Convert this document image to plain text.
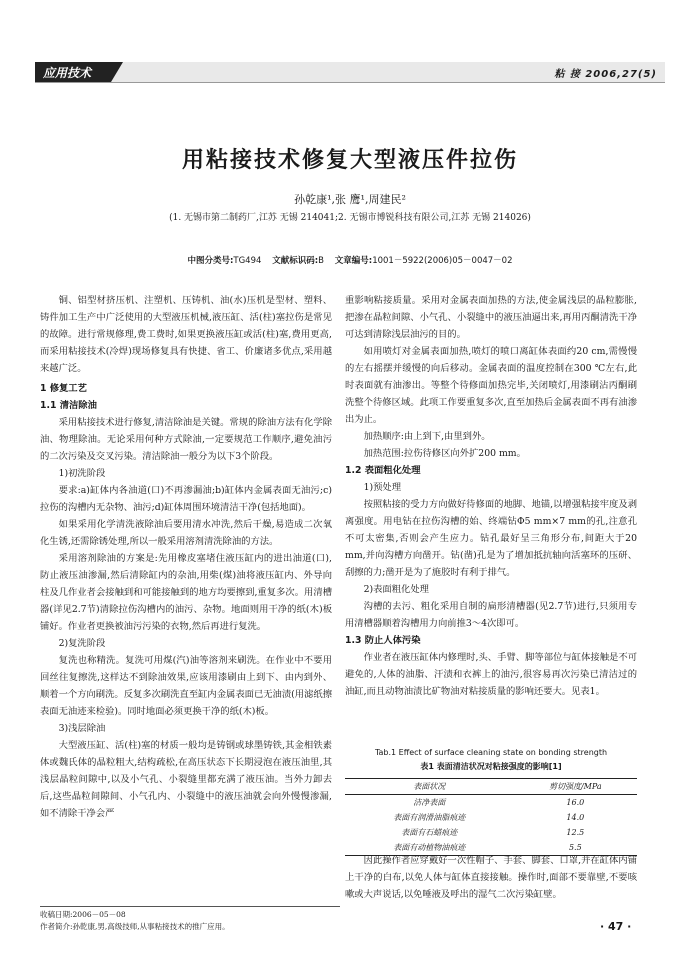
应用技术	粘 接 2006,27(5)
用粘接技术修复大型液压件拉伤
孙乾康¹,张 鹰¹,周建民²
(1. 无锡市第二制药厂,江苏 无锡 214041;2. 无锡市博锐科技有限公司,江苏 无锡 214026)
中图分类号:TG494 文献标识码:B 文章编号:1001－5922(2006)05－0047－02

铜、铝型材挤压机、注塑机、压铸机、油(水)压机是型材、塑料、铸件加工生产中广泛使用的大型液压机械,液压缸、活(柱)塞拉伤是常见的故障。进行常规修理,费工费时,如果更换液压缸或活(柱)塞,费用更高,而采用粘接技术(冷焊)现场修复具有快捷、省工、价廉诸多优点,采用越来越广泛。

1 修复工艺

1.1 清洁除油

采用粘接技术进行修复,清洁除油是关键。常规的除油方法有化学除油、物理除油。无论采用何种方式除油,一定要规范工作顺序,避免油污的二次污染及交叉污染。清洁除油一般分为以下3个阶段。

1)初洗阶段

要求:a)缸体内各油道(口)不再渗漏油;b)缸体内金属表面无油污;c)拉伤的沟槽内无杂物、油污;d)缸体周围环境清洁干净(包括地面)。

如果采用化学清洗液除油后要用清水冲洗,然后干燥,易造成二次氧化生锈,还需除锈处理,所以一般采用溶剂清洗除油的方法。

采用溶剂除油的方案是:先用橡皮塞堵住液压缸内的进出油道(口),防止液压油渗漏,然后清除缸内的杂油,用柴(煤)油将液压缸内、外导向柱及几作业者会接触到和可能接触到的地方均要擦到,重复多次。用清槽器(详见2.7节)清除拉伤沟槽内的油污、杂物。地面则用干净的纸(木)板铺好。作业者更换被油污污染的衣物,然后再进行复洗。

2)复洗阶段

复洗也称精洗。复洗可用煤(汽)油等溶剂来刷洗。在作业中不要用回丝往复擦洗,这样达不到除油效果,应该用漆刷由上到下、由内到外、顺着一个方向刷洗。反复多次刷洗直至缸内金属表面已无油渍(用滤纸擦表面无油迹来检验)。同时地面必须更换干净的纸(木)板。

3)浅层除油

大型液压缸、活(柱)塞的材质一般均是铸钢或球墨铸铁,其金相铁素体或魏氏体的晶粒粗大,结构疏松,在高压状态下长期浸泡在液压油里,其浅层晶粒间隙中,以及小气孔、小裂缝里都充满了液压油。当外力卸去后,这些晶粒间隙间、小气孔内、小裂缝中的液压油就会向外慢慢渗漏,如不清除干净会严

重影响粘接质量。采用对金属表面加热的方法,使金属浅层的晶粒膨胀,把渗在晶粒间隙、小气孔、小裂缝中的液压油逼出来,再用丙酮清洗干净可达到清除浅层油污的目的。

如用喷灯对金属表面加热,喷灯的喷口离缸体表面约20 cm,需慢慢的左右摇摆并缓慢的向后移动。金属表面的温度控制在300 ℃左右,此时表面就有油渗出。等整个待修面加热完毕,关闭喷灯,用漆刷沾丙酮刷洗整个待修区域。此项工作要重复多次,直至加热后金属表面不再有油渗出为止。

加热顺序:由上到下,由里到外。

加热范围:拉伤待修区向外扩200 mm。

1.2 表面粗化处理

1)预处理

按照粘接的受力方向做好待修面的地脚、地锚,以增强粘接牢度及剥离强度。用电钻在拉伤沟槽的始、终端钻Φ5 mm×7 mm的孔,注意孔不可太密集,否则会产生应力。钻孔最好呈三角形分布,间距大于20 mm,并向沟槽方向凿开。钻(凿)孔是为了增加抵抗轴向活塞环的压研、刮擦的力;凿开是为了施胶时有利于排气。

2)表面粗化处理

沟槽的去污、粗化采用自制的扁形清槽器(见2.7节)进行,只须用专用清槽器顺着沟槽用力向前推3～4次即可。

1.3 防止人体污染

作业者在液压缸体内修理时,头、手臂、脚等部位与缸体接触是不可避免的,人体的油脂、汗渍和衣裤上的油污,很容易再次污染已清洁过的油缸,而且动物油渍比矿物油对粘接质量的影响还要大。见表1。

Tab.1 Effect of surface cleaning state on bonding strength
表1 表面清洁状况对粘接强度的影响[1]
表面状况	剪切强度/MPa
洁净表面	16.0
表面有润滑油脂痕迹	14.0
表面有石蜡痕迹	12.5
表面有动植物油痕迹	5.5

因此操作者应穿戴好一次性帽子、手套、脚套、口罩,并在缸体内铺上干净的白布,以免人体与缸体直接接触。操作时,面部不要靠壁,不要咳嗽或大声说话,以免唾液及呼出的湿气二次污染缸壁。

收稿日期:2006－05－08
作者简介:孙乾康,男,高级技师,从事粘接技术的推广应用。	· 47 ·
